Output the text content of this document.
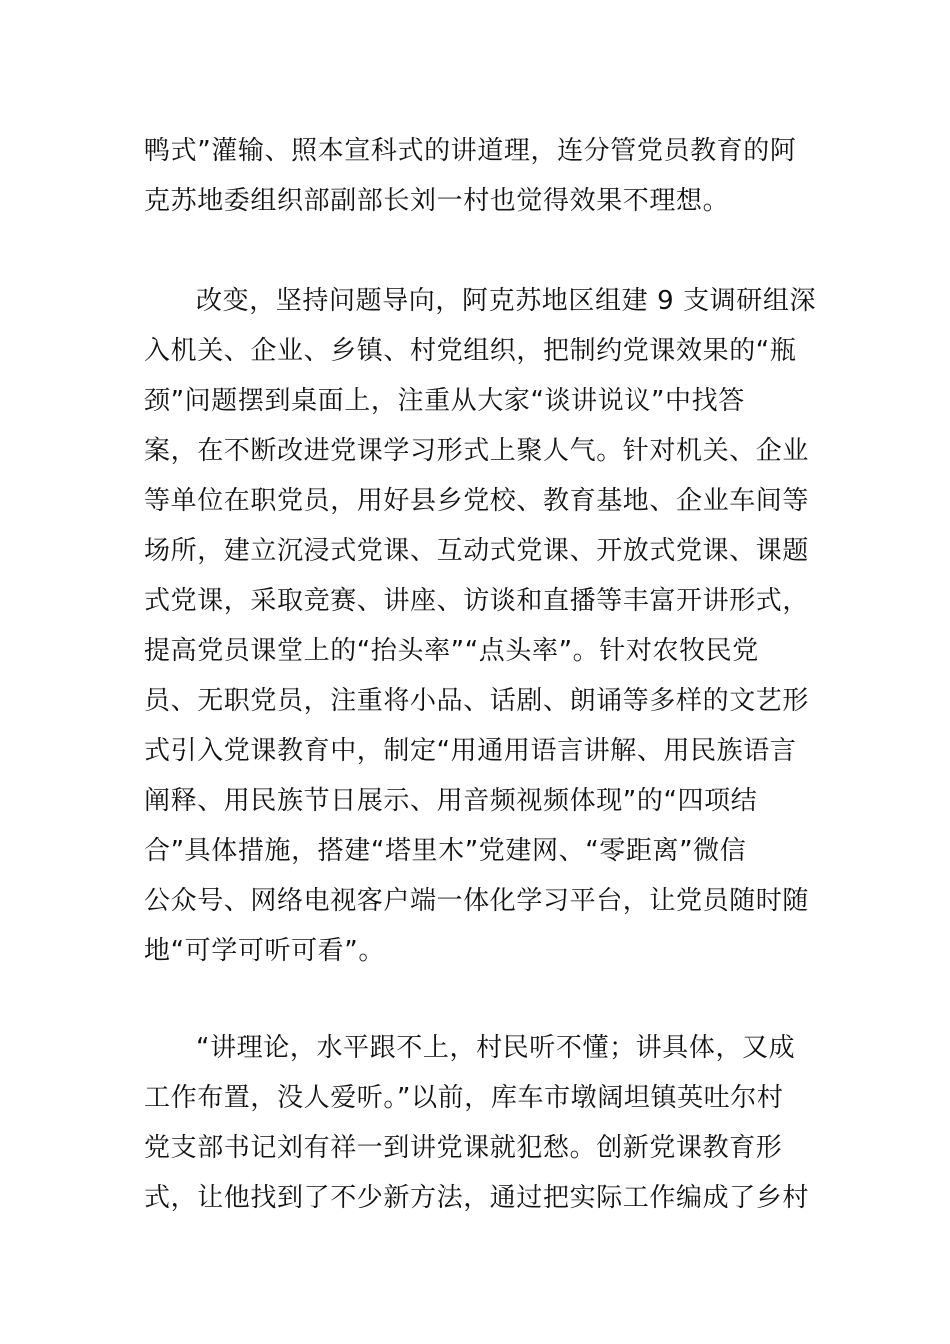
鸭式”灌输、照本宣科式的讲道理，连分管党员教育的阿
克苏地委组织部副部长刘一村也觉得效果不理想。
改变，坚持问题导向，阿克苏地区组建 9 支调研组深
入机关、企业、乡镇、村党组织，把制约党课效果的“瓶
颈”问题摆到桌面上，注重从大家“谈讲说议”中找答
案，在不断改进党课学习形式上聚人气。针对机关、企业
等单位在职党员，用好县乡党校、教育基地、企业车间等
场所，建立沉浸式党课、互动式党课、开放式党课、课题
式党课，采取竞赛、讲座、访谈和直播等丰富开讲形式，
提高党员课堂上的“抬头率”“点头率”。针对农牧民党
员、无职党员，注重将小品、话剧、朗诵等多样的文艺形
式引入党课教育中，制定“用通用语言讲解、用民族语言
阐释、用民族节日展示、用音频视频体现”的“四项结
合”具体措施，搭建“塔里木”党建网、“零距离”微信
公众号、网络电视客户端一体化学习平台，让党员随时随
地“可学可听可看”。
“讲理论，水平跟不上，村民听不懂；讲具体，又成
工作布置，没人爱听。”以前，库车市墩阔坦镇英吐尔村
党支部书记刘有祥一到讲党课就犯愁。创新党课教育形
式，让他找到了不少新方法，通过把实际工作编成了乡村
